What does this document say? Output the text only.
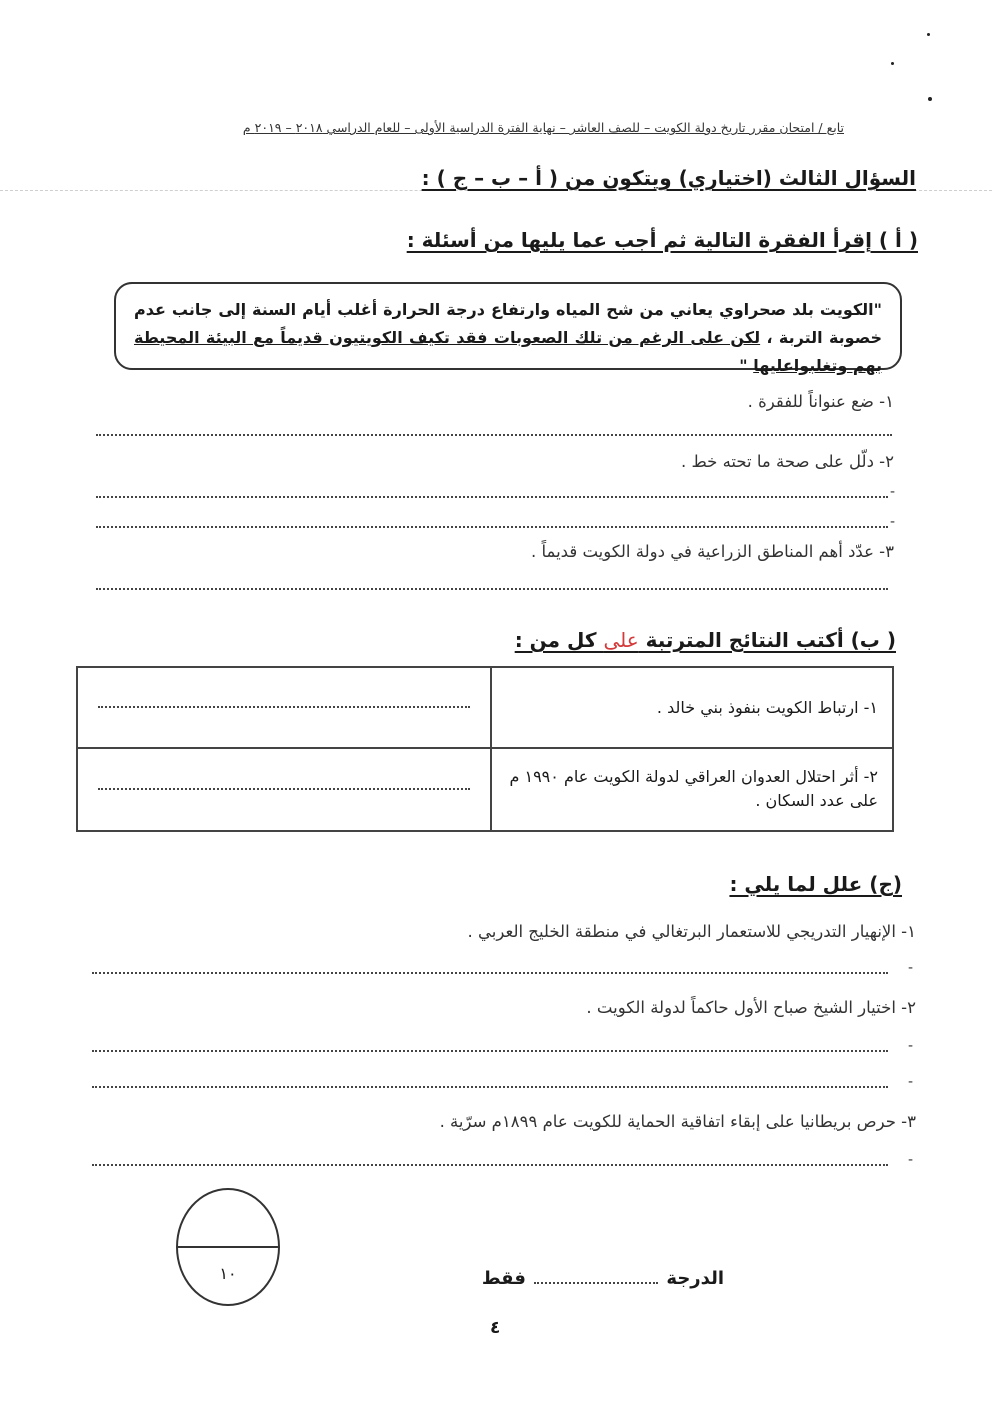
تابع / امتحان مقرر تاريخ دولة الكويت – للصف العاشر – نهاية الفترة الدراسية الأولى – للعام الدراسي ٢٠١٨ – ٢٠١٩ م
السؤال الثالث (اختياري) ويتكون من ( أ – ب – ج ) :
( أ ) إقرأ الفقرة التالية ثم أجب عما يليها من أسئلة :
"الكويت بلد صحراوي يعاني من شح المياه وارتفاع درجة الحرارة أغلب أيام السنة إلى جانب عدم خصوبة التربة ، لكن على الرغم من تلك الصعوبات فقد تكيف الكويتيون قديماً مع البيئة المحيطة بهم وتغلبواعليها "
١- ضع عنواناً للفقرة .
٢- دلّل على صحة ما تحته خط .
-
-
٣- عدّد أهم المناطق الزراعية في دولة الكويت قديماً .
( ب) أكتب النتائج المترتبة على كل من :
١- ارتباط الكويت بنفوذ بني خالد .	

٢- أثر احتلال العدوان العراقي لدولة الكويت عام ١٩٩٠ م على عدد السكان .	
(ج) علل لما يلي :
١- الإنهيار التدريجي للاستعمار البرتغالي في منطقة الخليج العربي .
-
٢- اختيار الشيخ صباح الأول حاكماً لدولة الكويت .
-
-
٣- حرص بريطانيا على إبقاء اتفاقية الحماية للكويت عام ١٨٩٩م سرّية .
-
١٠	الدرجة  فقط
٤
